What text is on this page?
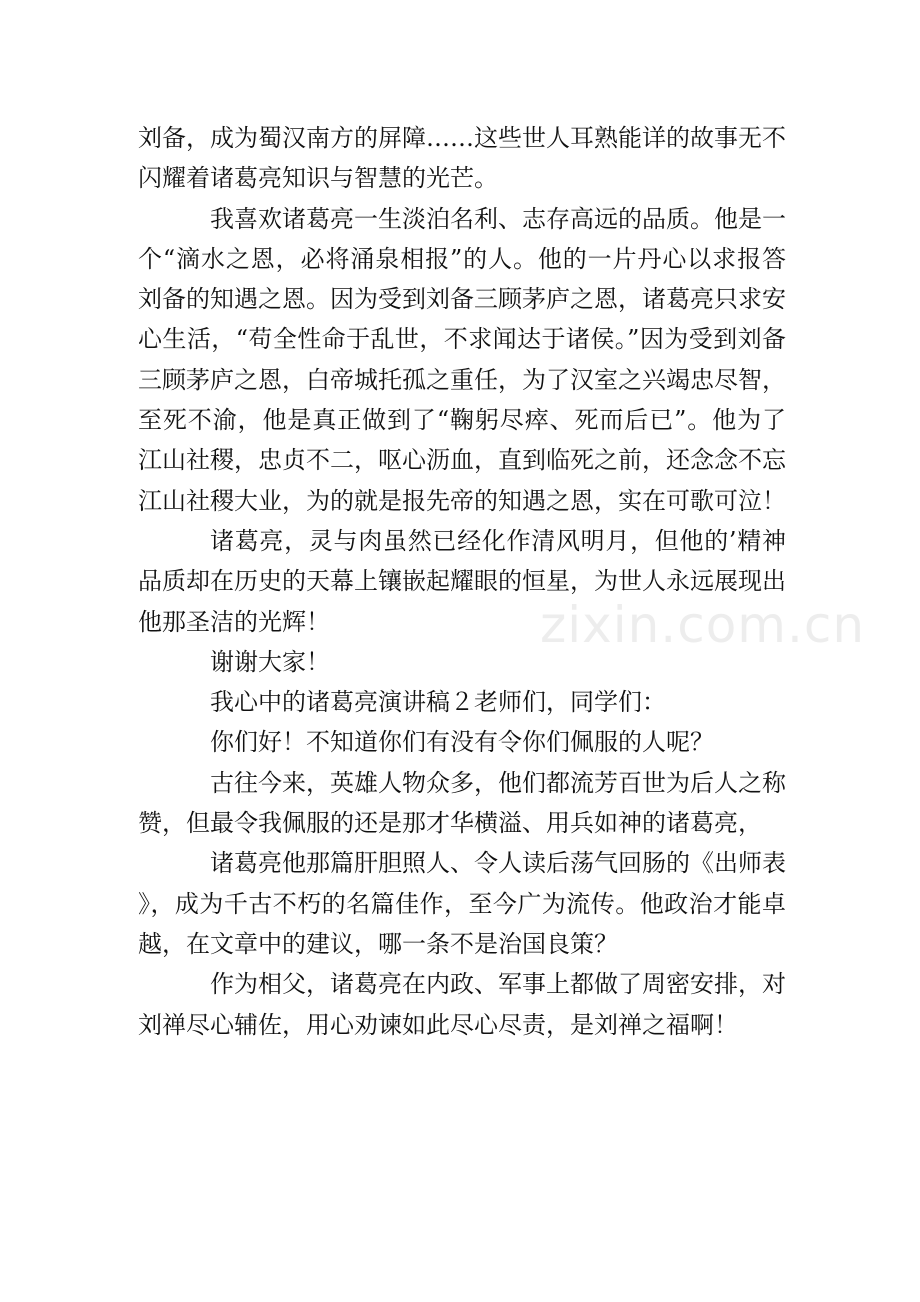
刘备，成为蜀汉南方的屏障……这些世人耳熟能详的故事无不闪耀着诸葛亮知识与智慧的光芒。

我喜欢诸葛亮一生淡泊名利、志存高远的品质。他是一个“滴水之恩，必将涌泉相报”的人。他的一片丹心以求报答刘备的知遇之恩。因为受到刘备三顾茅庐之恩，诸葛亮只求安心生活，“苟全性命于乱世，不求闻达于诸侯。”因为受到刘备三顾茅庐之恩，白帝城托孤之重任，为了汉室之兴竭忠尽智，至死不渝，他是真正做到了“鞠躬尽瘁、死而后已”。他为了江山社稷，忠贞不二，呕心沥血，直到临死之前，还念念不忘江山社稷大业，为的就是报先帝的知遇之恩，实在可歌可泣！

诸葛亮，灵与肉虽然已经化作清风明月，但他的’精神品质却在历史的天幕上镶嵌起耀眼的恒星，为世人永远展现出他那圣洁的光辉！

谢谢大家！

我心中的诸葛亮演讲稿２老师们，同学们：

你们好！不知道你们有没有令你们佩服的人呢？

古往今来，英雄人物众多，他们都流芳百世为后人之称赞，但最令我佩服的还是那才华横溢、用兵如神的诸葛亮，

诸葛亮他那篇肝胆照人、令人读后荡气回肠的《出师表》，成为千古不朽的名篇佳作，至今广为流传。他政治才能卓越，在文章中的建议，哪一条不是治国良策？

作为相父，诸葛亮在内政、军事上都做了周密安排，对刘禅尽心辅佐，用心劝谏如此尽心尽责，是刘禅之福啊！

zixin.com.cn
